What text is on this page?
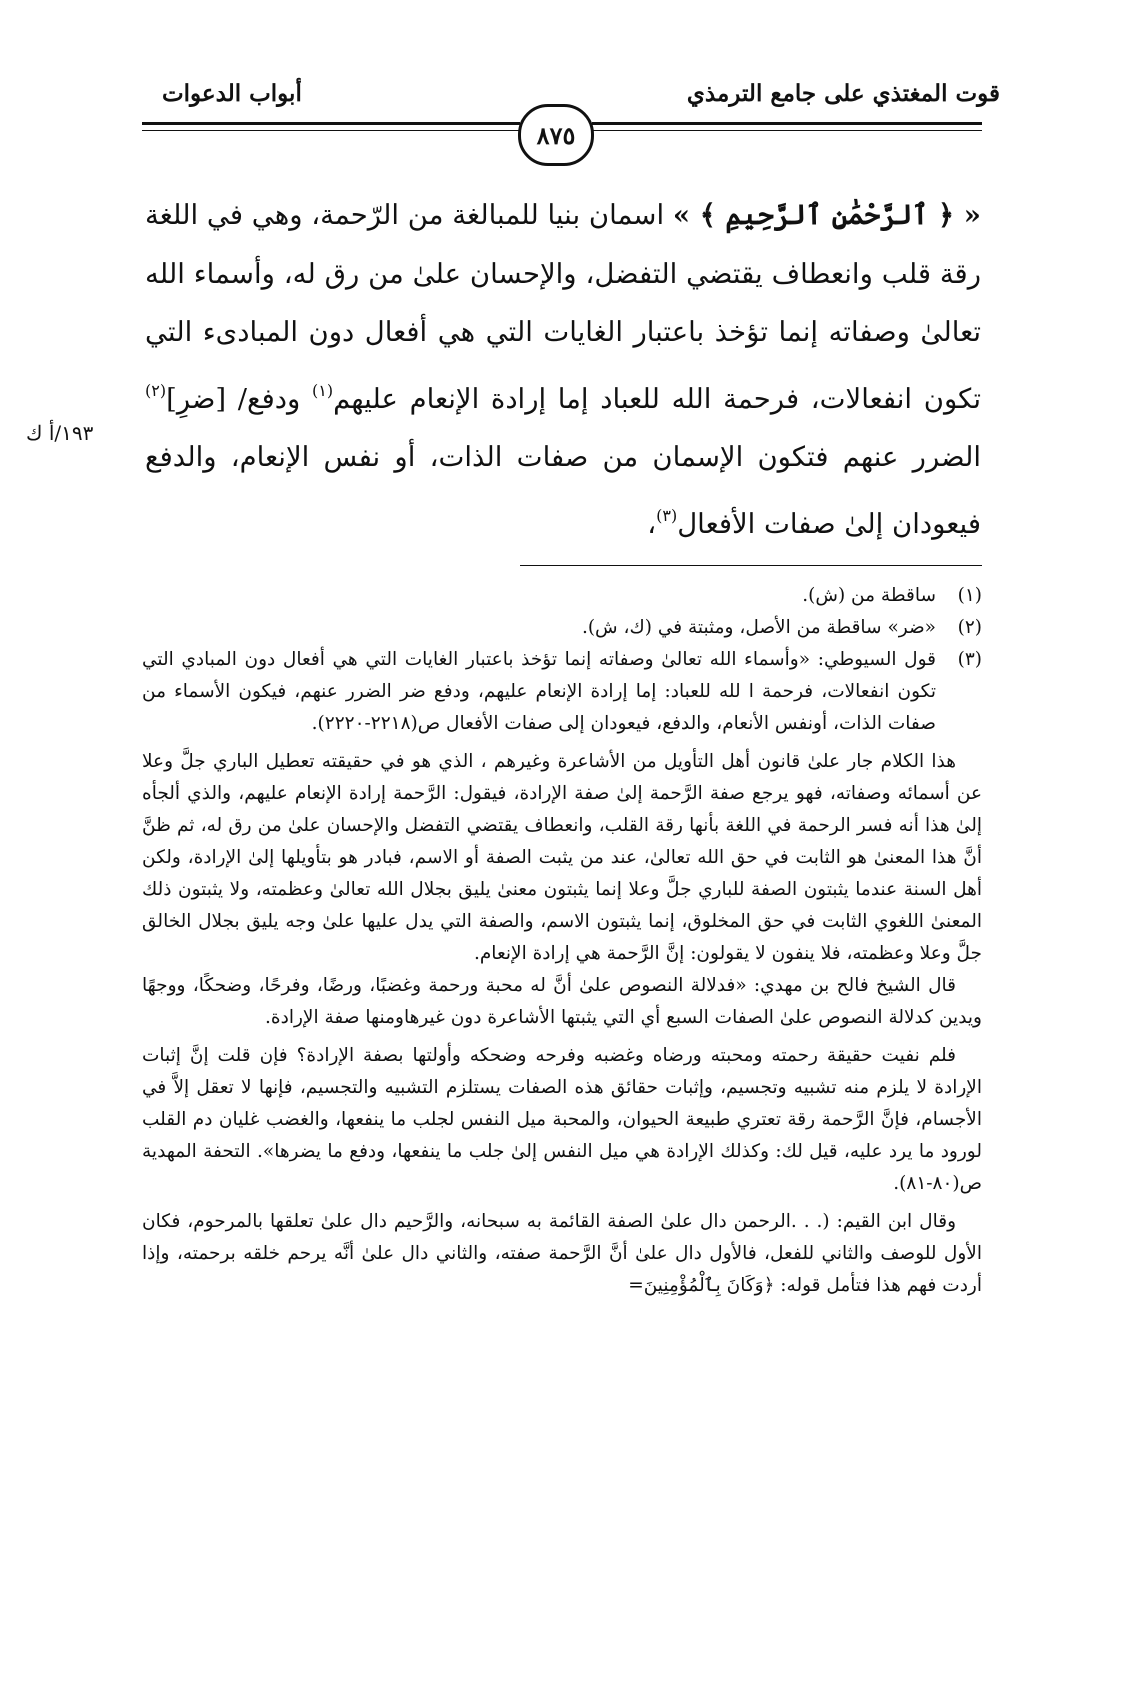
قوت المغتذي على جامع الترمذي
أبواب الدعوات
٨٧٥

« ﴿ ٱلرَّحْمَٰنِ ٱلرَّحِيمِ ﴾ » اسمان بنيا للمبالغة من الرّحمة، وهي في اللغة رقة قلب وانعطاف يقتضي التفضل، والإحسان علىٰ من رق له، وأسماء الله تعالىٰ وصفاته إنما تؤخذ باعتبار الغايات التي هي أفعال دون المبادىء التي تكون انفعالات، فرحمة الله للعباد إما إرادة الإنعام عليهم$^{(١)}$ ودفع/ [ضرِ]$^{(٢)}$ الضرر عنهم فتكون الإسمان من صفات الذات، أو نفس الإنعام، والدفع فيعودان إلىٰ صفات الأفعال$^{(٣)}$،

١٩٣/أ ك
(١)
ساقطة من (ش).
(٢)
«ضر» ساقطة من الأصل، ومثبتة في (ك، ش).
(٣)
قول السيوطي: «وأسماء الله تعالىٰ وصفاته إنما تؤخذ باعتبار الغايات التي هي أفعال دون المبادي التي تكون انفعالات، فرحمة ا لله للعباد: إما إرادة الإنعام عليهم، ودفع ضر الضرر عنهم، فيكون الأسماء من صفات الذات، أونفس الأنعام، والدفع، فيعودان إلى صفات الأفعال ص(٢٢١٨-٢٢٢٠).

هذا الكلام جار علىٰ قانون أهل التأويل من الأشاعرة وغيرهم ، الذي هو في حقيقته تعطيل الباري جلَّ وعلا عن أسمائه وصفاته، فهو يرجع صفة الرَّحمة إلىٰ صفة الإرادة، فيقول: الرَّحمة إرادة الإنعام عليهم، والذي ألجأه إلىٰ هذا أنه فسر الرحمة في اللغة بأنها رقة القلب، وانعطاف يقتضي التفضل والإحسان علىٰ من رق له، ثم ظنَّ أنَّ هذا المعنىٰ هو الثابت في حق الله تعالىٰ، عند من يثبت الصفة أو الاسم، فبادر هو بتأويلها إلىٰ الإرادة، ولكن أهل السنة عندما يثبتون الصفة للباري جلَّ وعلا إنما يثبتون معنىٰ يليق بجلال الله تعالىٰ وعظمته، ولا يثبتون ذلك المعنىٰ اللغوي الثابت في حق المخلوق، إنما يثبتون الاسم، والصفة التي يدل عليها علىٰ وجه يليق بجلال الخالق جلَّ وعلا وعظمته، فلا ينفون لا يقولون: إنَّ الرَّحمة هي إرادة الإنعام.

قال الشيخ فالح بن مهدي: «فدلالة النصوص علىٰ أنَّ له محبة ورحمة وغضبًا، ورضًا، وفرحًا، وضحكًا، ووجهًا ويدين كدلالة النصوص علىٰ الصفات السبع أي التي يثبتها الأشاعرة دون غيرهاومنها صفة الإرادة.

فلم نفيت حقيقة رحمته ومحبته ورضاه وغضبه وفرحه وضحكه وأولتها بصفة الإرادة؟ فإن قلت إنَّ إثبات الإرادة لا يلزم منه تشبيه وتجسيم، وإثبات حقائق هذه الصفات يستلزم التشبيه والتجسيم، فإنها لا تعقل إلاَّ في الأجسام، فإنَّ الرَّحمة رقة تعتري طبيعة الحيوان، والمحبة ميل النفس لجلب ما ينفعها، والغضب غليان دم القلب لورود ما يرد عليه، قيل لك: وكذلك الإرادة هي ميل النفس إلىٰ جلب ما ينفعها، ودفع ما يضرها». التحفة المهدية ص(٨٠-٨١).

وقال ابن القيم: (. . .الرحمن دال علىٰ الصفة القائمة به سبحانه، والرَّحيم دال علىٰ تعلقها بالمرحوم، فكان الأول للوصف والثاني للفعل، فالأول دال علىٰ أنَّ الرَّحمة صفته، والثاني دال علىٰ أنَّه يرحم خلقه برحمته، وإذا أردت فهم هذا فتأمل قوله: ﴿وَكَانَ بِٱلْمُؤْمِنِينَ=
